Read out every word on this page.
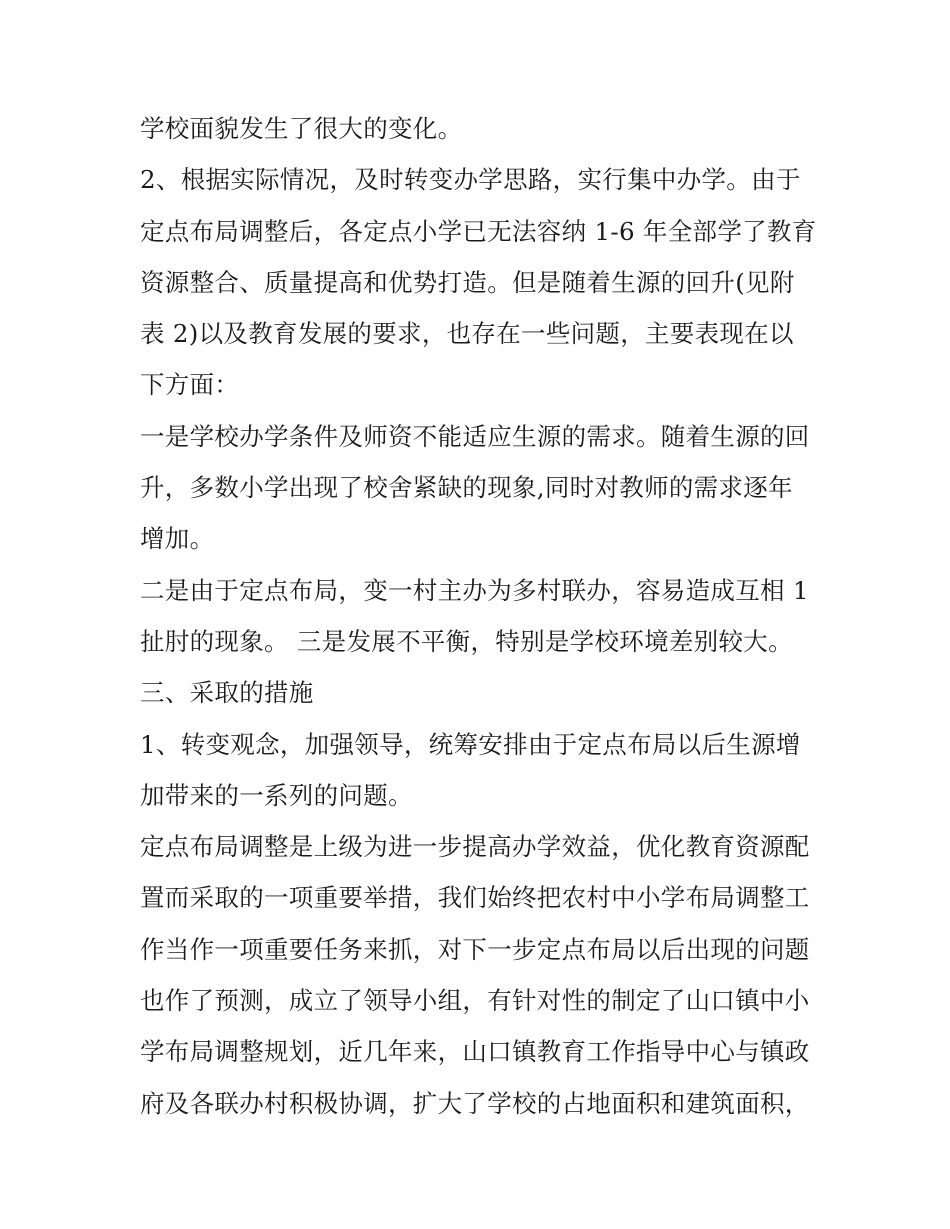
学校面貌发生了很大的变化。
2、根据实际情况，及时转变办学思路，实行集中办学。由于
定点布局调整后，各定点小学已无法容纳 1-6 年全部学了教育
资源整合、质量提高和优势打造。但是随着生源的回升(见附
表 2)以及教育发展的要求，也存在一些问题，主要表现在以
下方面：
一是学校办学条件及师资不能适应生源的需求。随着生源的回
升，多数小学出现了校舍紧缺的现象,同时对教师的需求逐年
增加。
二是由于定点布局，变一村主办为多村联办，容易造成互相 1
扯肘的现象。 三是发展不平衡，特别是学校环境差别较大。
三、采取的措施
1、转变观念，加强领导，统筹安排由于定点布局以后生源增
加带来的一系列的问题。
定点布局调整是上级为进一步提高办学效益，优化教育资源配
置而采取的一项重要举措，我们始终把农村中小学布局调整工
作当作一项重要任务来抓，对下一步定点布局以后出现的问题
也作了预测，成立了领导小组，有针对性的制定了山口镇中小
学布局调整规划，近几年来，山口镇教育工作指导中心与镇政
府及各联办村积极协调，扩大了学校的占地面积和建筑面积，
